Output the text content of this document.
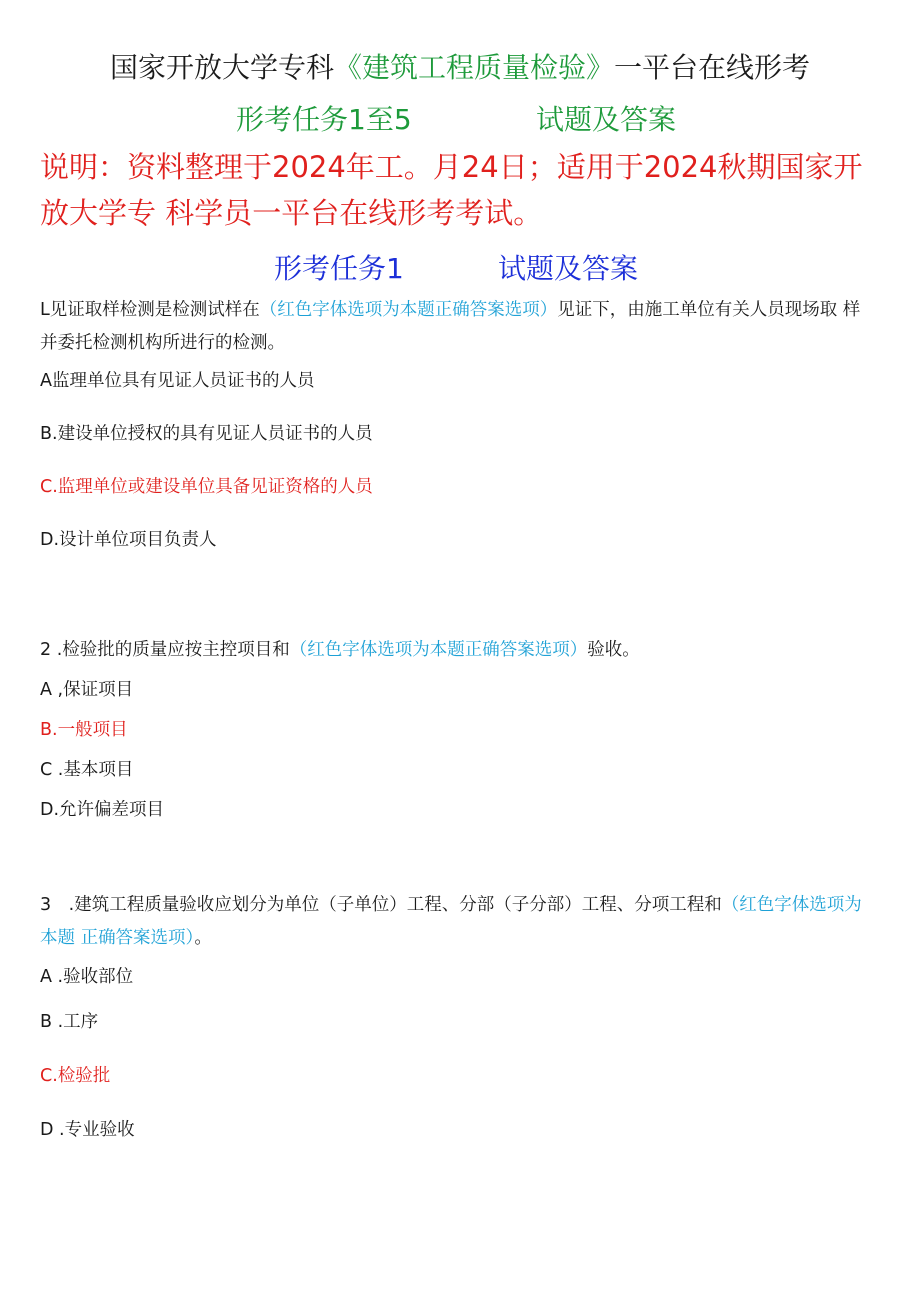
国家开放大学专科《建筑工程质量检验》一平台在线形考
形考任务1至5	试题及答案
说明：资料整理于2024年工。月24日；适用于2024秋期国家开放大学专 科学员一平台在线形考考试。
形考任务1	试题及答案
L见证取样检测是检测试样在（红色字体选项为本题正确答案选项）见证下，由施工单位有关人员现场取 样并委托检测机构所进行的检测。
A监理单位具有见证人员证书的人员
B.建设单位授权的具有见证人员证书的人员
C.监理单位或建设单位具备见证资格的人员
D.设计单位项目负责人
2 .检验批的质量应按主控项目和（红色字体选项为本题正确答案选项）验收。
A ,保证项目
B.一般项目
C .基本项目
D.允许偏差项目
3　.建筑工程质量验收应划分为单位（子单位）工程、分部（子分部）工程、分项工程和（红色字体选项为本题 正确答案选项）。
A .验收部位
B .工序
C.检验批
D .专业验收
